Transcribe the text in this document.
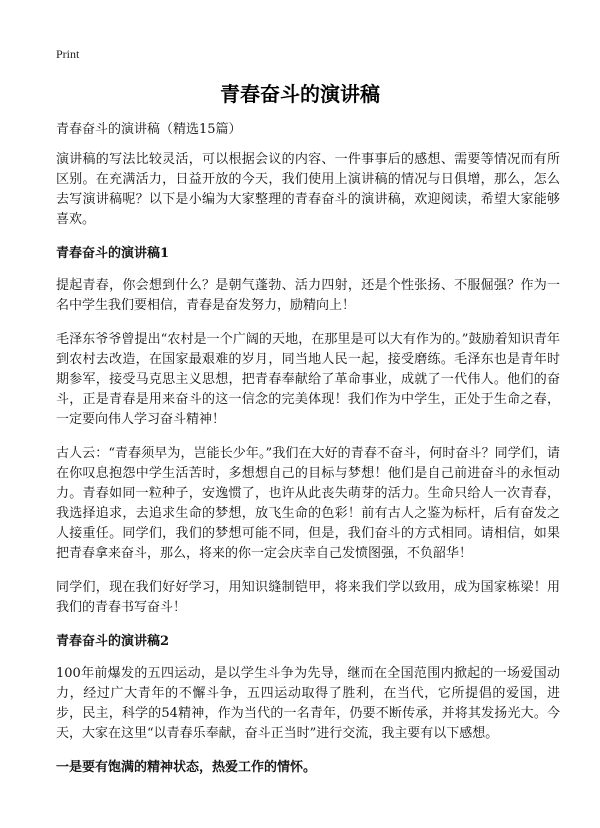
Print
青春奋斗的演讲稿
青春奋斗的演讲稿（精选15篇）

演讲稿的写法比较灵活，可以根据会议的内容、一件事事后的感想、需要等情况而有所区别。在充满活力，日益开放的今天，我们使用上演讲稿的情况与日俱增，那么，怎么去写演讲稿呢？以下是小编为大家整理的青春奋斗的演讲稿，欢迎阅读，希望大家能够喜欢。

青春奋斗的演讲稿1

提起青春，你会想到什么？是朝气蓬勃、活力四射，还是个性张扬、不服倔强？作为一名中学生我们要相信，青春是奋发努力，励精向上！

毛泽东爷爷曾提出“农村是一个广阔的天地，在那里是可以大有作为的。”鼓励着知识青年到农村去改造，在国家最艰难的岁月，同当地人民一起，接受磨练。毛泽东也是青年时期参军，接受马克思主义思想，把青春奉献给了革命事业，成就了一代伟人。他们的奋斗，正是青春是用来奋斗的这一信念的完美体现！我们作为中学生，正处于生命之春，一定要向伟人学习奋斗精神！

古人云：“青春须早为，岂能长少年。”我们在大好的青春不奋斗，何时奋斗？同学们，请在你叹息抱怨中学生活苦时，多想想自己的目标与梦想！他们是自己前进奋斗的永恒动力。青春如同一粒种子，安逸惯了，也许从此丧失萌芽的活力。生命只给人一次青春，我选择追求，去追求生命的梦想，放飞生命的色彩！前有古人之鉴为标杆，后有奋发之人接重任。同学们，我们的梦想可能不同，但是，我们奋斗的方式相同。请相信，如果把青春拿来奋斗，那么，将来的你一定会庆幸自己发愤图强，不负韶华！

同学们，现在我们好好学习，用知识缝制铠甲，将来我们学以致用，成为国家栋梁！用我们的青春书写奋斗！

青春奋斗的演讲稿2

100年前爆发的五四运动，是以学生斗争为先导，继而在全国范围内掀起的一场爱国动力，经过广大青年的不懈斗争，五四运动取得了胜利，在当代，它所提倡的爱国，进步，民主，科学的54精神，作为当代的一名青年，仍要不断传承，并将其发扬光大。今天，大家在这里“以青春乐奉献，奋斗正当时”进行交流，我主要有以下感想。

一是要有饱满的精神状态，热爱工作的情怀。
